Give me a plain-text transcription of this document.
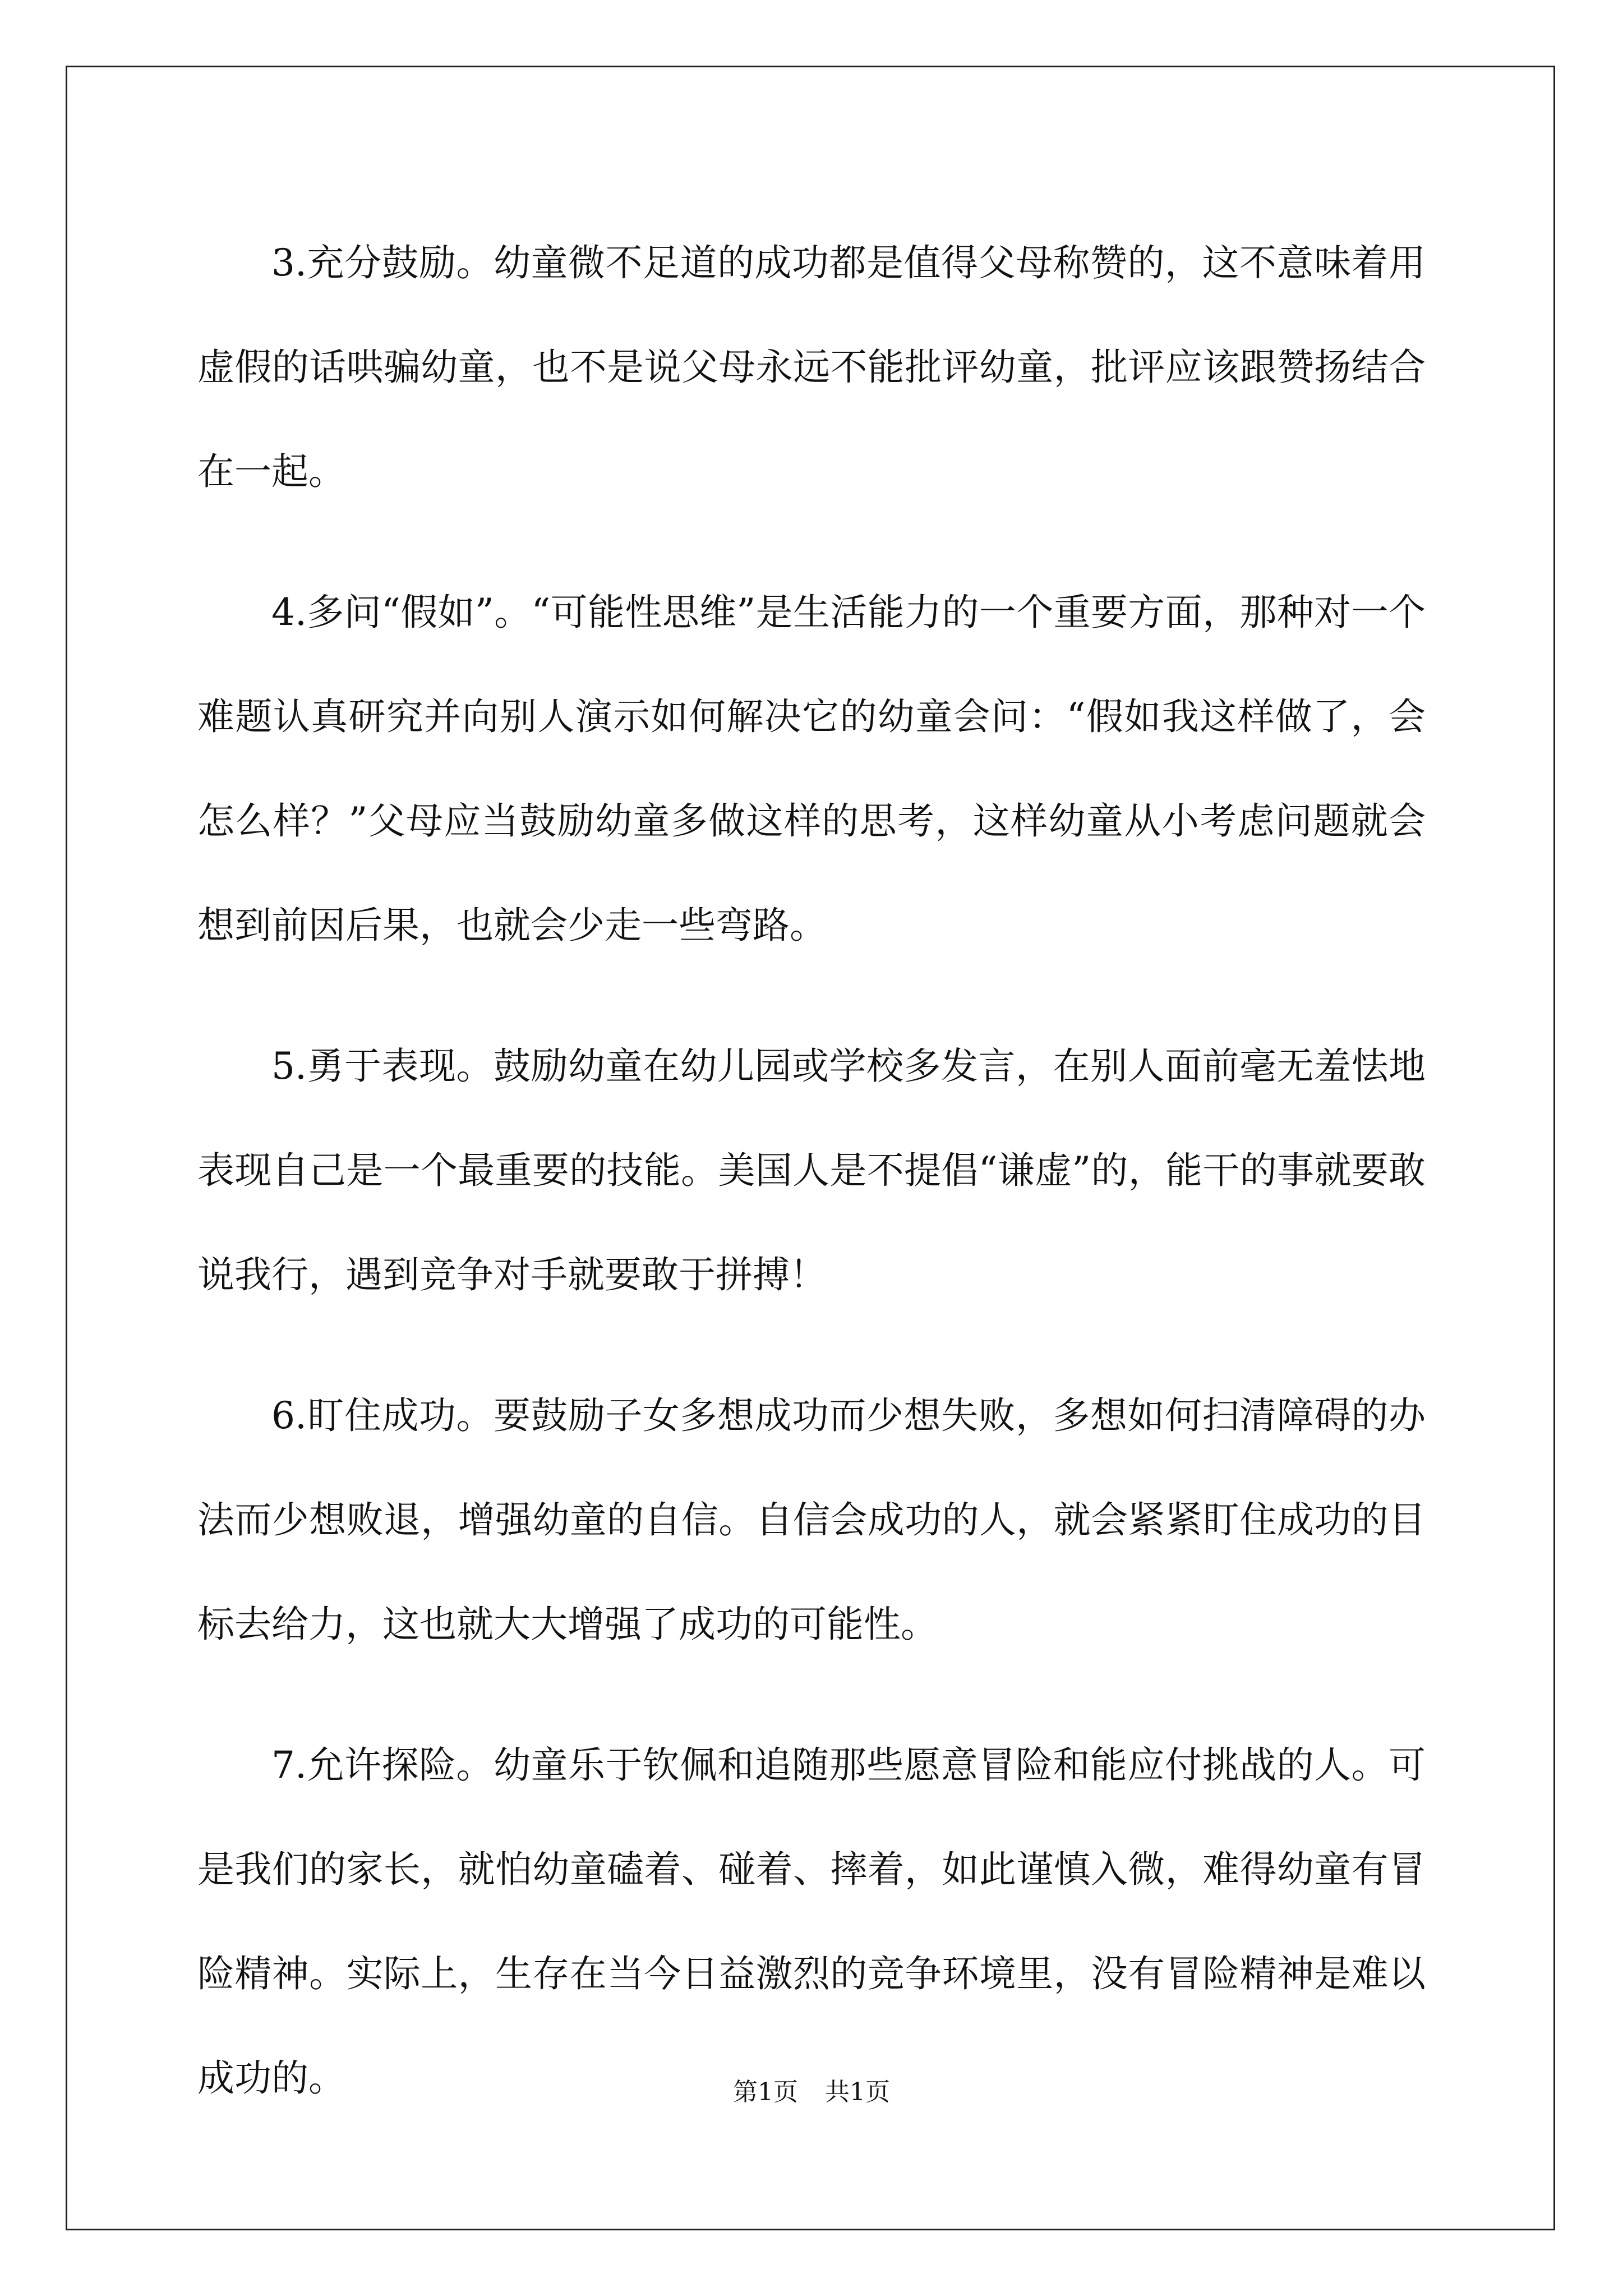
3.充分鼓励。幼童微不足道的成功都是值得父母称赞的，这不意味着用虚假的话哄骗幼童，也不是说父母永远不能批评幼童，批评应该跟赞扬结合在一起。

4.多问“假如”。“可能性思维”是生活能力的一个重要方面，那种对一个难题认真研究并向别人演示如何解决它的幼童会问：“假如我这样做了，会怎么样？”父母应当鼓励幼童多做这样的思考，这样幼童从小考虑问题就会想到前因后果，也就会少走一些弯路。

5.勇于表现。鼓励幼童在幼儿园或学校多发言，在别人面前毫无羞怯地表现自己是一个最重要的技能。美国人是不提倡“谦虚”的，能干的事就要敢说我行，遇到竞争对手就要敢于拼搏！

6.盯住成功。要鼓励子女多想成功而少想失败，多想如何扫清障碍的办法而少想败退，增强幼童的自信。自信会成功的人，就会紧紧盯住成功的目标去给力，这也就大大增强了成功的可能性。

7.允许探险。幼童乐于钦佩和追随那些愿意冒险和能应付挑战的人。可是我们的家长，就怕幼童磕着、碰着、摔着，如此谨慎入微，难得幼童有冒险精神。实际上，生存在当今日益激烈的竞争环境里，没有冒险精神是难以成功的。	第1页 共1页
